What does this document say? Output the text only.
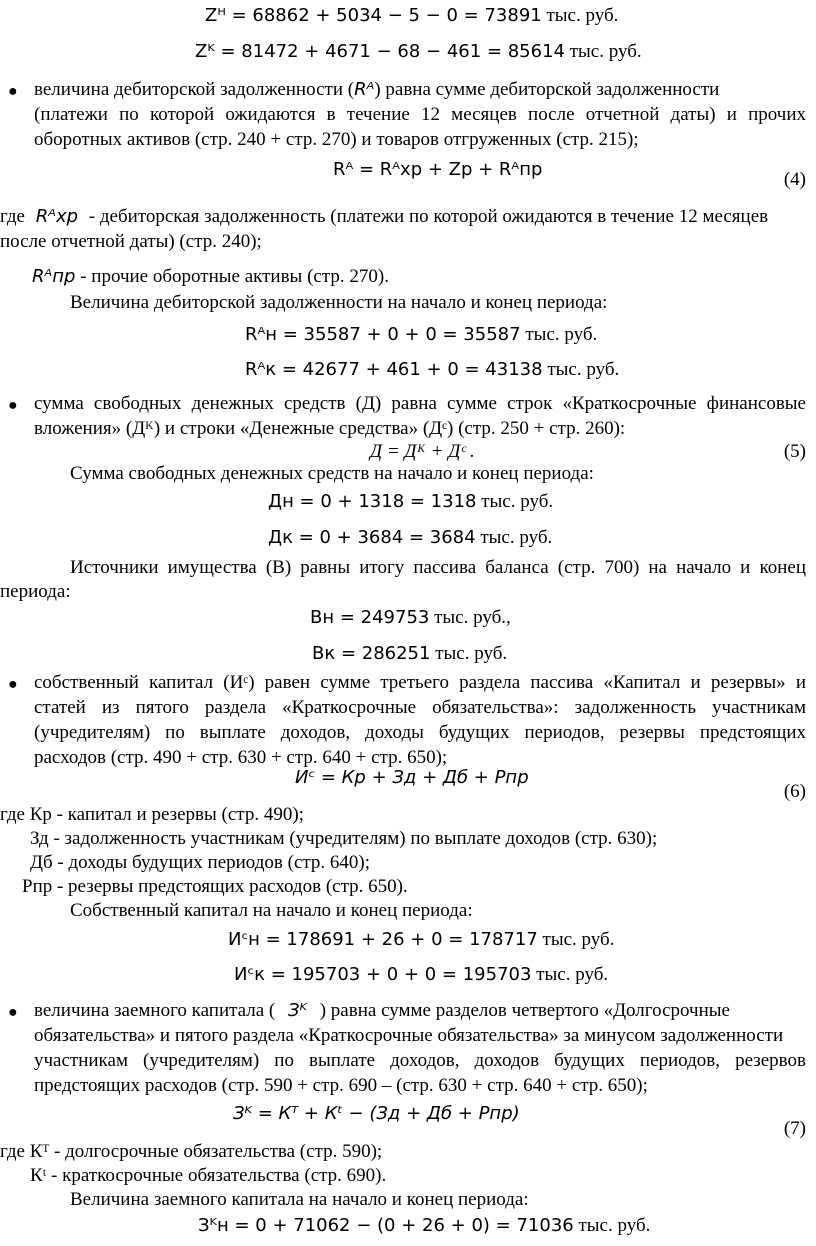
Zᴴ = 68862 + 5034 − 5 − 0 = 73891 тыс. руб.
Zᴷ = 81472 + 4671 − 68 − 461 = 85614 тыс. руб.
● величина дебиторской задолженности (Rᴬ) равна сумме дебиторской задолженности
(платежи по которой ожидаются в течение 12 месяцев после отчетной даты) и прочих
оборотных активов (стр. 240 + стр. 270) и товаров отгруженных (стр. 215);
Rᴬ = Rᴬхр + Zр + Rᴬпр	(4)
где Rᴬхр - дебиторская задолженность (платежи по которой ожидаются в течение 12 месяцев
после отчетной даты) (стр. 240);
Rᴬпр - прочие оборотные активы (стр. 270).
Величина дебиторской задолженности на начало и конец периода:
Rᴬн = 35587 + 0 + 0 = 35587 тыс. руб.
Rᴬк = 42677 + 461 + 0 = 43138 тыс. руб.
● сумма свободных денежных средств (Д) равна сумме строк «Краткосрочные финансовые
вложения» (Дᴷ) и строки «Денежные средства» (Дᶜ) (стр. 250 + стр. 260):
Д = Дᴷ + Дᶜ .	(5)
Сумма свободных денежных средств на начало и конец периода:
Дн = 0 + 1318 = 1318 тыс. руб.
Дк = 0 + 3684 = 3684 тыс. руб.
Источники имущества (В) равны итогу пассива баланса (стр. 700) на начало и конец
периода:
Вн = 249753 тыс. руб.,
Вк = 286251 тыс. руб.
● собственный капитал (Иᶜ) равен сумме третьего раздела пассива «Капитал и резервы» и
статей из пятого раздела «Краткосрочные обязательства»: задолженность участникам
(учредителям) по выплате доходов, доходы будущих периодов, резервы предстоящих
расходов (стр. 490 + стр. 630 + стр. 640 + стр. 650);
Иᶜ = Кр + Зд + Дб + Рпр
(6)
где Кр - капитал и резервы (стр. 490);
Зд - задолженность участникам (учредителям) по выплате доходов (стр. 630);
Дб - доходы будущих периодов (стр. 640);
Рпр - резервы предстоящих расходов (стр. 650).
Собственный капитал на начало и конец периода:
Иᶜн = 178691 + 26 + 0 = 178717 тыс. руб.
Иᶜк = 195703 + 0 + 0 = 195703 тыс. руб.
● величина заемного капитала ( Зᴷ ) равна сумме разделов четвертого «Долгосрочные
обязательства» и пятого раздела «Краткосрочные обязательства» за минусом задолженности
участникам (учредителям) по выплате доходов, доходов будущих периодов, резервов
предстоящих расходов (стр. 590 + стр. 690 – (стр. 630 + стр. 640 + стр. 650);
Зᴷ = Кᵀ + Кᵗ − (Зд + Дб + Рпр)
(7)
где Кᵀ - долгосрочные обязательства (стр. 590);
Кᵗ - краткосрочные обязательства (стр. 690).
Величина заемного капитала на начало и конец периода:
Зᴷн = 0 + 71062 − (0 + 26 + 0) = 71036 тыс. руб.
